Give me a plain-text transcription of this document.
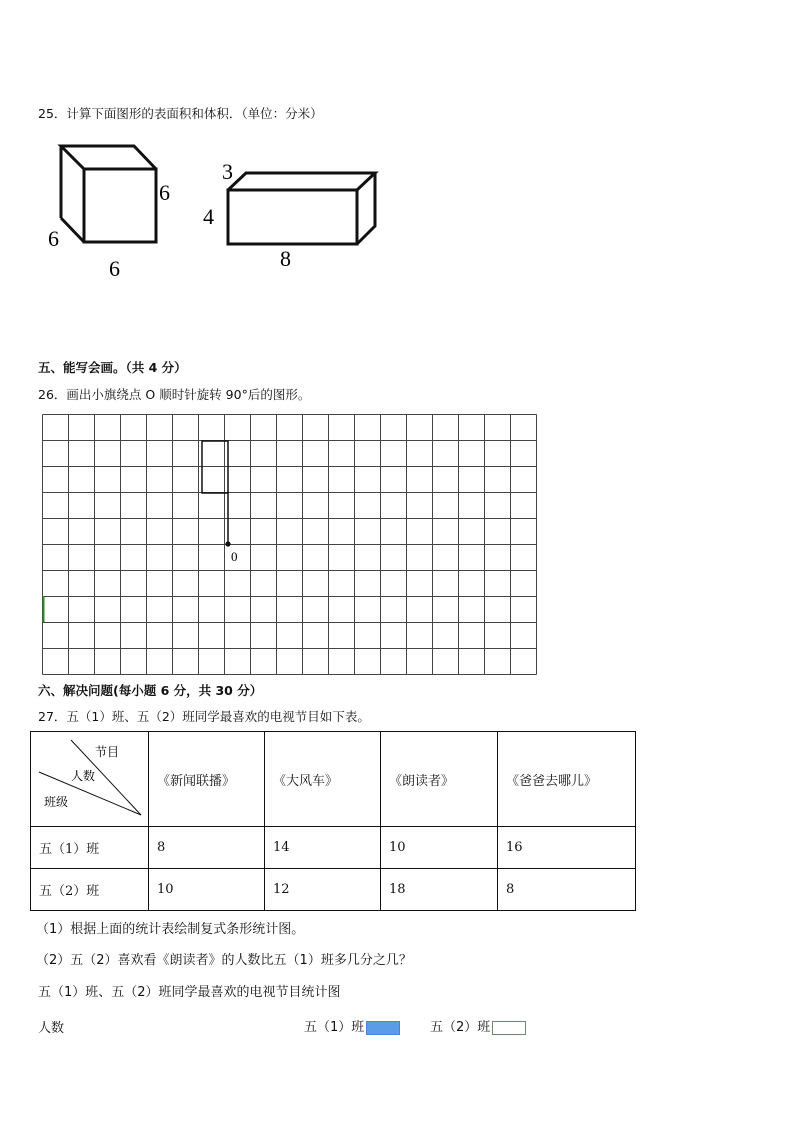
25．计算下面图形的表面积和体积．（单位：分米）
6
6
6
3
4
8
五、能写会画。（共 4 分）
26．画出小旗绕点 O 顺时针旋转 90°后的图形。
0
六、解决问题(每小题 6 分，共 30 分）
27．五（1）班、五（2）班同学最喜欢的电视节目如下表。
节目
人数
班级	《新闻联播》	《大风车》	《朗读者》	《爸爸去哪儿》
五（1）班	8	14	10	16
五（2）班	10	12	18	8
（1）根据上面的统计表绘制复式条形统计图。
（2）五（2）喜欢看《朗读者》的人数比五（1）班多几分之几？
五（1）班、五（2）班同学最喜欢的电视节目统计图
人数	五（1）班	五（2）班
